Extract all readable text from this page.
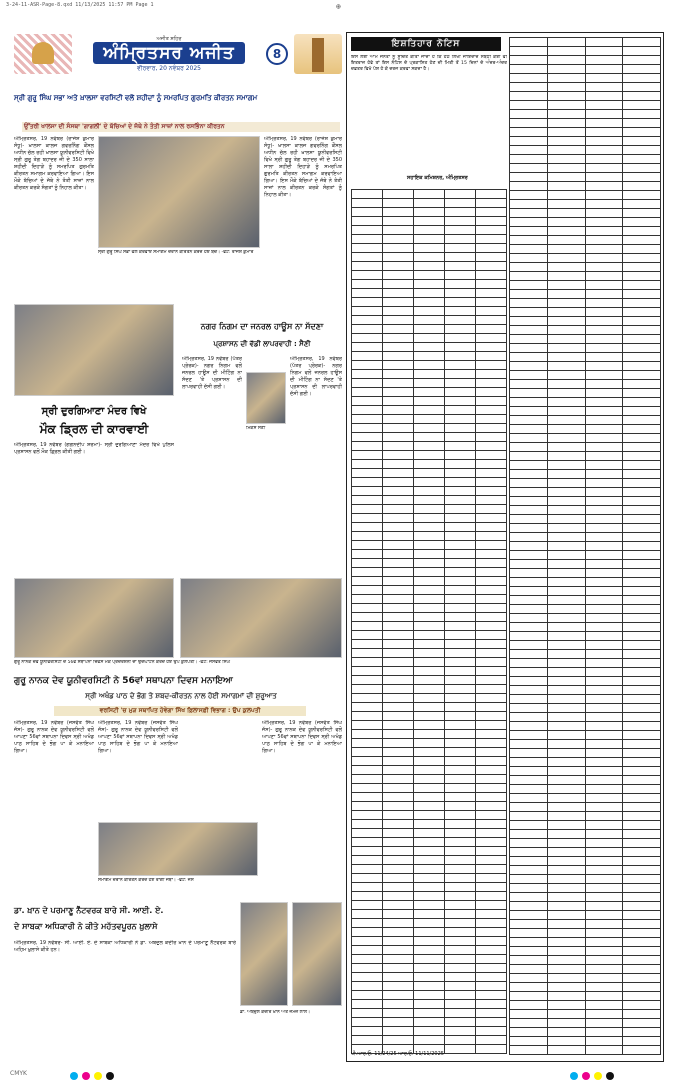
3-24-11-ASR-Page-8.qxd 11/13/2025 11:57 PM Page 1	⊕
ਅਜੀਤ ਸ਼ਹਿਰ
ਅੰਮ੍ਰਿਤਸਰ ਅਜੀਤ
ਵੀਰਵਾਰ, 20 ਨਵੰਬਰ 2025
8
ਸ੍ਰੀ ਗੁਰੂ ਸਿੰਘ ਸਭਾ ਅਤੇ ਖ਼ਾਲਸਾ ਵਰਸਿਟੀ ਵਲੋਂ ਸ਼ਹੀਦਾਂ ਨੂੰ ਸਮਰਪਿਤ ਗੁਰਮਤਿ ਕੀਰਤਨ ਸਮਾਗਮ
ਉੱਤਰੀ ਖਾਲਸਾ ਦੀ ਸੰਸਥਾ 'ਗਾਗਲੀ' ਦੇ ਬੱਚਿਆਂ ਦੇ ਜੱਥੇ ਨੇ ਤੰਤੀ ਸਾਜ਼ਾਂ ਨਾਲ ਰਸਭਿੰਨਾ ਕੀਰਤਨ
ਅੰਮ੍ਰਿਤਸਰ, 19 ਨਵੰਬਰ (ਰਾਜੇਸ਼ ਕੁਮਾਰ ਸੰਧੂ)- ਖ਼ਾਲਸਾ ਕਾਲਜ ਗਵਰਨਿੰਗ ਕੌਂਸਲ ਅਧੀਨ ਚੱਲ ਰਹੀ ਖ਼ਾਲਸਾ ਯੂਨੀਵਰਸਿਟੀ ਵਿਖੇ ਸ੍ਰੀ ਗੁਰੂ ਤੇਗ ਬਹਾਦਰ ਜੀ ਦੇ 350 ਸਾਲਾ ਸ਼ਹੀਦੀ ਦਿਹਾੜੇ ਨੂੰ ਸਮਰਪਿਤ ਗੁਰਮਤਿ ਕੀਰਤਨ ਸਮਾਗਮ ਕਰਵਾਇਆ ਗਿਆ। ਇਸ ਮੌਕੇ ਬੱਚਿਆਂ ਦੇ ਜੱਥੇ ਨੇ ਤੰਤੀ ਸਾਜ਼ਾਂ ਨਾਲ ਕੀਰਤਨ ਕਰਕੇ ਸੰਗਤਾਂ ਨੂੰ ਨਿਹਾਲ ਕੀਤਾ।
ਸ੍ਰੀ ਗੁਰੂ ਸਿੰਘ ਸਭਾ ਵਲੋਂ ਕਰਵਾਏ ਸਮਾਗਮ ਦੌਰਾਨ ਕੀਰਤਨ ਕਰਦੇ ਹੋਏ ਬੱਚੇ। -ਫੋਟੋ: ਰਾਜੇਸ਼ ਕੁਮਾਰ
ਅੰਮ੍ਰਿਤਸਰ, 19 ਨਵੰਬਰ (ਰਾਜੇਸ਼ ਕੁਮਾਰ ਸੰਧੂ)- ਖ਼ਾਲਸਾ ਕਾਲਜ ਗਵਰਨਿੰਗ ਕੌਂਸਲ ਅਧੀਨ ਚੱਲ ਰਹੀ ਖ਼ਾਲਸਾ ਯੂਨੀਵਰਸਿਟੀ ਵਿਖੇ ਸ੍ਰੀ ਗੁਰੂ ਤੇਗ ਬਹਾਦਰ ਜੀ ਦੇ 350 ਸਾਲਾ ਸ਼ਹੀਦੀ ਦਿਹਾੜੇ ਨੂੰ ਸਮਰਪਿਤ ਗੁਰਮਤਿ ਕੀਰਤਨ ਸਮਾਗਮ ਕਰਵਾਇਆ ਗਿਆ। ਇਸ ਮੌਕੇ ਬੱਚਿਆਂ ਦੇ ਜੱਥੇ ਨੇ ਤੰਤੀ ਸਾਜ਼ਾਂ ਨਾਲ ਕੀਰਤਨ ਕਰਕੇ ਸੰਗਤਾਂ ਨੂੰ ਨਿਹਾਲ ਕੀਤਾ।
ਸ੍ਰੀ ਦੁਰਗਿਆਣਾ ਮੰਦਰ ਵਿਖੇ
ਮੌਕ ਡ੍ਰਿਲ ਦੀ ਕਾਰਵਾਈ
ਅੰਮ੍ਰਿਤਸਰ, 19 ਨਵੰਬਰ (ਗਗਨਦੀਪ ਸ਼ਰਮਾ)- ਸ੍ਰੀ ਦੁਰਗਿਆਣਾ ਮੰਦਰ ਵਿਖੇ ਪੁਲਿਸ ਪ੍ਰਸ਼ਾਸਨ ਵਲੋਂ ਮੌਕ ਡ੍ਰਿਲ ਕੀਤੀ ਗਈ।
ਨਗਰ ਨਿਗਮ ਦਾ ਜਨਰਲ ਹਾਊਸ ਨਾ ਸੱਦਣਾ
ਪ੍ਰਸ਼ਾਸਨ ਦੀ ਵੱਡੀ ਲਾਪਰਵਾਹੀ : ਸੈਣੀ
ਅੰਮ੍ਰਿਤਸਰ, 19 ਨਵੰਬਰ (ਪੱਤਰ ਪ੍ਰੇਰਕ)- ਨਗਰ ਨਿਗਮ ਵਲੋਂ ਜਨਰਲ ਹਾਊਸ ਦੀ ਮੀਟਿੰਗ ਨਾ ਸੱਦਣ 'ਤੇ ਪ੍ਰਸ਼ਾਸਨ ਦੀ ਲਾਪਰਵਾਹੀ ਦੱਸੀ ਗਈ।
ਮਿਕਸ ਸੈਣੀ
ਅੰਮ੍ਰਿਤਸਰ, 19 ਨਵੰਬਰ (ਪੱਤਰ ਪ੍ਰੇਰਕ)- ਨਗਰ ਨਿਗਮ ਵਲੋਂ ਜਨਰਲ ਹਾਊਸ ਦੀ ਮੀਟਿੰਗ ਨਾ ਸੱਦਣ 'ਤੇ ਪ੍ਰਸ਼ਾਸਨ ਦੀ ਲਾਪਰਵਾਹੀ ਦੱਸੀ ਗਈ।
ਗੁਰੂ ਨਾਨਕ ਦੇਵ ਯੂਨੀਵਰਸਿਟੀ ਦੇ 56ਵੇਂ ਸਥਾਪਨਾ ਦਿਵਸ ਮੌਕੇ ਪ੍ਰਦਰਸ਼ਨੀ ਦਾ ਉਦਘਾਟਨ ਕਰਦੇ ਹੋਏ ਉਪ ਕੁਲਪਤੀ। -ਫੋਟੋ: ਜਸਵੰਤ ਸਿੰਘ
ਗੁਰੂ ਨਾਨਕ ਦੇਵ ਯੂਨੀਵਰਸਿਟੀ ਨੇ 56ਵਾਂ ਸਥਾਪਨਾ ਦਿਵਸ ਮਨਾਇਆ
ਸ੍ਰੀ ਅਖੰਡ ਪਾਠ ਦੇ ਭੋਗ ਤੇ ਸ਼ਬਦ-ਕੀਰਤਨ ਨਾਲ ਹੋਈ ਸਮਾਗਮਾਂ ਦੀ ਸ਼ੁਰੂਆਤ
ਵਰਸਿਟੀ 'ਚ ਮੁੜ ਸਥਾਪਿਤ ਹੋਵੇਗਾ ਸਿੱਖ ਫ਼ਿਲਾਸਫ਼ੀ ਵਿਭਾਗ : ਉਪ ਕੁਲਪਤੀ
ਅੰਮ੍ਰਿਤਸਰ, 19 ਨਵੰਬਰ (ਜਸਵੰਤ ਸਿੰਘ ਜੱਸ)- ਗੁਰੂ ਨਾਨਕ ਦੇਵ ਯੂਨੀਵਰਸਿਟੀ ਵਲੋਂ ਆਪਣਾ 56ਵਾਂ ਸਥਾਪਨਾ ਦਿਵਸ ਸ੍ਰੀ ਅਖੰਡ ਪਾਠ ਸਾਹਿਬ ਦੇ ਭੋਗ ਪਾ ਕੇ ਮਨਾਇਆ ਗਿਆ।
ਅੰਮ੍ਰਿਤਸਰ, 19 ਨਵੰਬਰ (ਜਸਵੰਤ ਸਿੰਘ ਜੱਸ)- ਗੁਰੂ ਨਾਨਕ ਦੇਵ ਯੂਨੀਵਰਸਿਟੀ ਵਲੋਂ ਆਪਣਾ 56ਵਾਂ ਸਥਾਪਨਾ ਦਿਵਸ ਸ੍ਰੀ ਅਖੰਡ ਪਾਠ ਸਾਹਿਬ ਦੇ ਭੋਗ ਪਾ ਕੇ ਮਨਾਇਆ ਗਿਆ।
ਸਮਾਗਮ ਦੌਰਾਨ ਕੀਰਤਨ ਕਰਦੇ ਹੋਏ ਰਾਗੀ ਜਥਾ। -ਫੋਟੋ: ਜੱਸ
ਅੰਮ੍ਰਿਤਸਰ, 19 ਨਵੰਬਰ (ਜਸਵੰਤ ਸਿੰਘ ਜੱਸ)- ਗੁਰੂ ਨਾਨਕ ਦੇਵ ਯੂਨੀਵਰਸਿਟੀ ਵਲੋਂ ਆਪਣਾ 56ਵਾਂ ਸਥਾਪਨਾ ਦਿਵਸ ਸ੍ਰੀ ਅਖੰਡ ਪਾਠ ਸਾਹਿਬ ਦੇ ਭੋਗ ਪਾ ਕੇ ਮਨਾਇਆ ਗਿਆ।
ਡਾ. ਖ਼ਾਨ ਦੇ ਪਰਮਾਣੂ ਨੈੱਟਵਰਕ ਬਾਰੇ ਸੀ. ਆਈ. ਏ.
ਦੇ ਸਾਬਕਾ ਅਧਿਕਾਰੀ ਨੇ ਕੀਤੇ ਮਹੱਤਵਪੂਰਨ ਖ਼ੁਲਾਸੇ
ਅੰਮ੍ਰਿਤਸਰ, 19 ਨਵੰਬਰ- ਸੀ. ਆਈ. ਏ. ਦੇ ਸਾਬਕਾ ਅਧਿਕਾਰੀ ਨੇ ਡਾ. ਅਬਦੁਲ ਕਦੀਰ ਖ਼ਾਨ ਦੇ ਪਰਮਾਣੂ ਨੈੱਟਵਰਕ ਬਾਰੇ ਅਹਿਮ ਖ਼ੁਲਾਸੇ ਕੀਤੇ ਹਨ।
ਡਾ. ਅਬਦੁਲ ਕਦੀਰ ਖ਼ਾਨ ਅਤੇ ਜੇਮਜ਼ ਲਾਲ।
ਇਸ਼ਤਿਹਾਰ ਨੋਟਿਸ
ਇਸ ਲਈ ਆਮ ਜਨਤਾ ਨੂੰ ਸੂਚਿਤ ਕੀਤਾ ਜਾਂਦਾ ਹੈ ਕਿ ਹੇਠ ਲਿਖੀ ਜਾਇਦਾਦ ਸਬੰਧੀ ਕੋਈ ਵੀ ਇਤਰਾਜ਼ ਹੋਵੇ ਤਾਂ ਇਸ ਨੋਟਿਸ ਦੇ ਪ੍ਰਕਾਸ਼ਿਤ ਹੋਣ ਦੀ ਮਿਤੀ ਤੋਂ 15 ਦਿਨਾਂ ਦੇ ਅੰਦਰ-ਅੰਦਰ ਦਫ਼ਤਰ ਵਿਖੇ ਪੇਸ਼ ਹੋ ਕੇ ਦਰਜ ਕਰਵਾ ਸਕਦਾ ਹੈ।
ਸਹਾਇਕ ਕਮਿਸ਼ਨਰ, ਅੰਮ੍ਰਿਤਸਰ

ਪੀ.ਆਰ.ਓ. 11/24/25 ਆਰ.ਓ. 11/11/2025
CMYK
